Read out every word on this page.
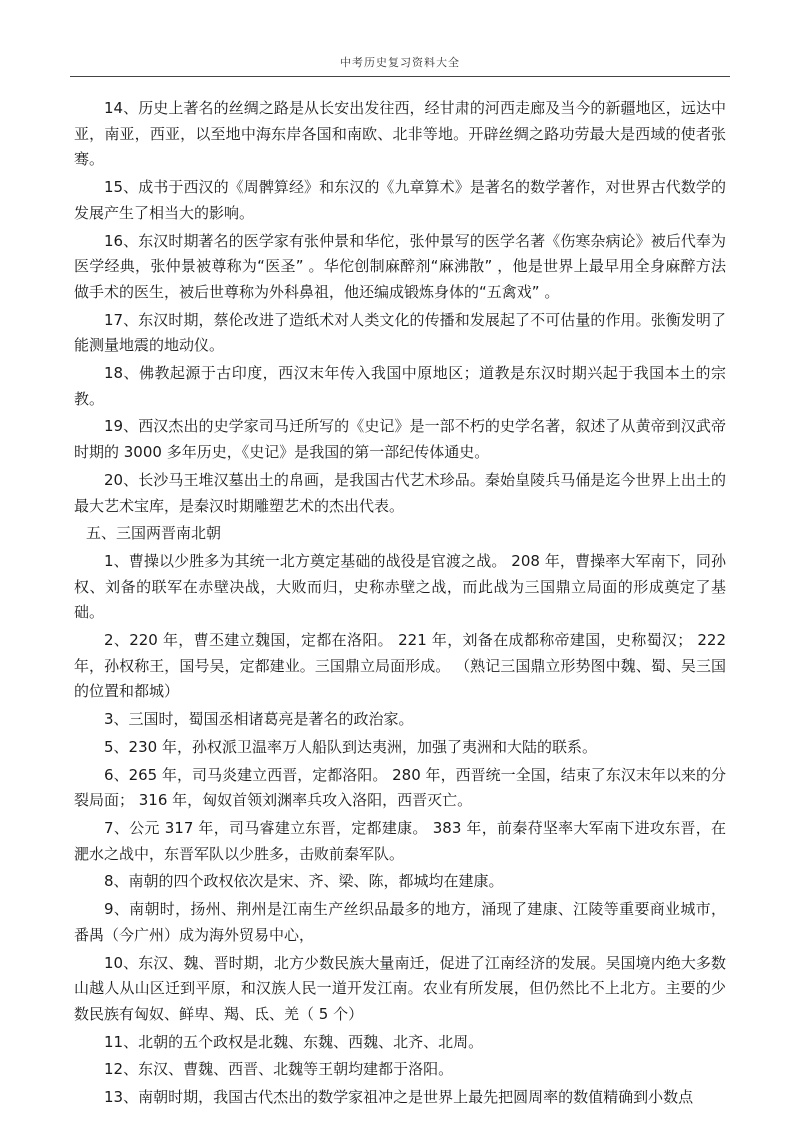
中考历史复习资料大全

14、历史上著名的丝绸之路是从长安出发往西，经甘肃的河西走廊及当今的新疆地区，远达中亚，南亚，西亚，以至地中海东岸各国和南欧、北非等地。开辟丝绸之路功劳最大是西域的使者张骞。

15、成书于西汉的《周髀算经》和东汉的《九章算术》是著名的数学著作，对世界古代数学的发展产生了相当大的影响。

16、东汉时期著名的医学家有张仲景和华佗，张仲景写的医学名著《伤寒杂病论》被后代奉为医学经典，张仲景被尊称为“医圣” 。华佗创制麻醉剂“麻沸散” ，他是世界上最早用全身麻醉方法做手术的医生，被后世尊称为外科鼻祖，他还编成锻炼身体的“五禽戏” 。

17、东汉时期，蔡伦改进了造纸术对人类文化的传播和发展起了不可估量的作用。张衡发明了能测量地震的地动仪。

18、佛教起源于古印度，西汉末年传入我国中原地区；道教是东汉时期兴起于我国本土的宗教。

19、西汉杰出的史学家司马迁所写的《史记》是一部不朽的史学名著，叙述了从黄帝到汉武帝时期的 3000 多年历史，《史记》是我国的第一部纪传体通史。

20、长沙马王堆汉墓出土的帛画，是我国古代艺术珍品。秦始皇陵兵马俑是迄今世界上出土的最大艺术宝库，是秦汉时期雕塑艺术的杰出代表。

五、三国两晋南北朝

1、曹操以少胜多为其统一北方奠定基础的战役是官渡之战。 208 年，曹操率大军南下，同孙权、刘备的联军在赤壁决战，大败而归，史称赤壁之战，而此战为三国鼎立局面的形成奠定了基础。

2、220 年，曹丕建立魏国，定都在洛阳。 221 年，刘备在成都称帝建国，史称蜀汉； 222 年，孙权称王，国号吴，定都建业。三国鼎立局面形成。 （熟记三国鼎立形势图中魏、蜀、吴三国的位置和都城）

3、三国时，蜀国丞相诸葛亮是著名的政治家。

5、230 年，孙权派卫温率万人船队到达夷洲，加强了夷洲和大陆的联系。

6、265 年，司马炎建立西晋，定都洛阳。 280 年，西晋统一全国，结束了东汉末年以来的分裂局面； 316 年，匈奴首领刘渊率兵攻入洛阳，西晋灭亡。

7、公元 317 年，司马睿建立东晋，定都建康。 383 年，前秦苻坚率大军南下进攻东晋，在淝水之战中，东晋军队以少胜多，击败前秦军队。

8、南朝的四个政权依次是宋、齐、梁、陈，都城均在建康。

9、南朝时，扬州、荆州是江南生产丝织品最多的地方，涌现了建康、江陵等重要商业城市，番禺（今广州）成为海外贸易中心，

10、东汉、魏、晋时期，北方少数民族大量南迁，促进了江南经济的发展。吴国境内绝大多数山越人从山区迁到平原，和汉族人民一道开发江南。农业有所发展，但仍然比不上北方。主要的少数民族有匈奴、鲜卑、羯、氐、羌（ 5 个）

11、北朝的五个政权是北魏、东魏、西魏、北齐、北周。

12、东汉、曹魏、西晋、北魏等王朝均建都于洛阳。

13、南朝时期，我国古代杰出的数学家祖冲之是世界上最先把圆周率的数值精确到小数点
